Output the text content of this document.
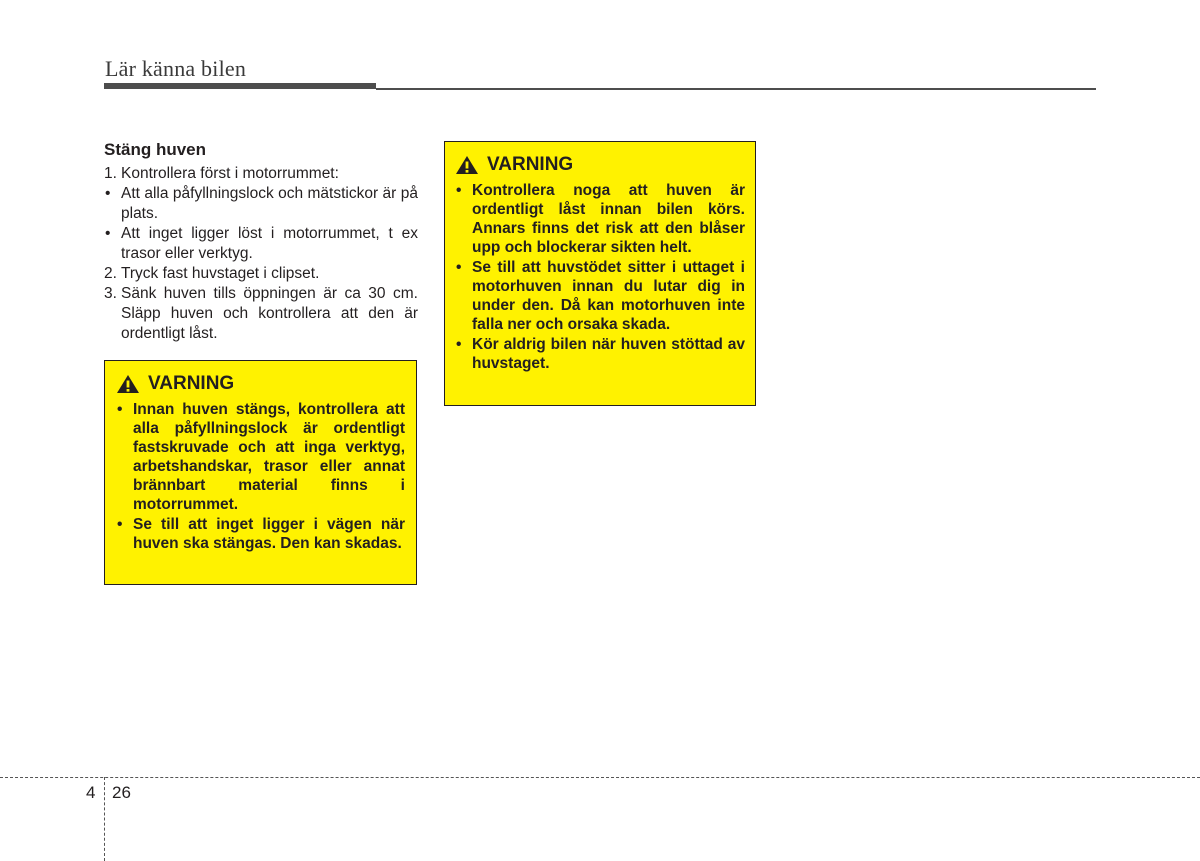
Lär känna bilen
Stäng huven
1. Kontrollera först i motorrummet:
• Att alla påfyllningslock och mätstickor är på plats.
• Att inget ligger löst i motorrummet, t ex trasor eller verktyg.
2. Tryck fast huvstaget i clipset.
3. Sänk huven tills öppningen är ca 30 cm. Släpp huven och kontrollera att den är ordentligt låst.
VARNING
• Innan huven stängs, kontrollera att alla påfyllningslock är ordentligt fastskruvade och att inga verktyg, arbetshandskar, trasor eller annat brännbart material finns i motorrummet.
• Se till att inget ligger i vägen när huven ska stängas. Den kan skadas.
VARNING
• Kontrollera noga att huven är ordentligt låst innan bilen körs. Annars finns det risk att den blåser upp och blockerar sikten helt.
• Se till att huvstödet sitter i uttaget i motorhuven innan du lutar dig in under den. Då kan motorhuven inte falla ner och orsaka skada.
• Kör aldrig bilen när huven stöttad av huvstaget.
4 26
